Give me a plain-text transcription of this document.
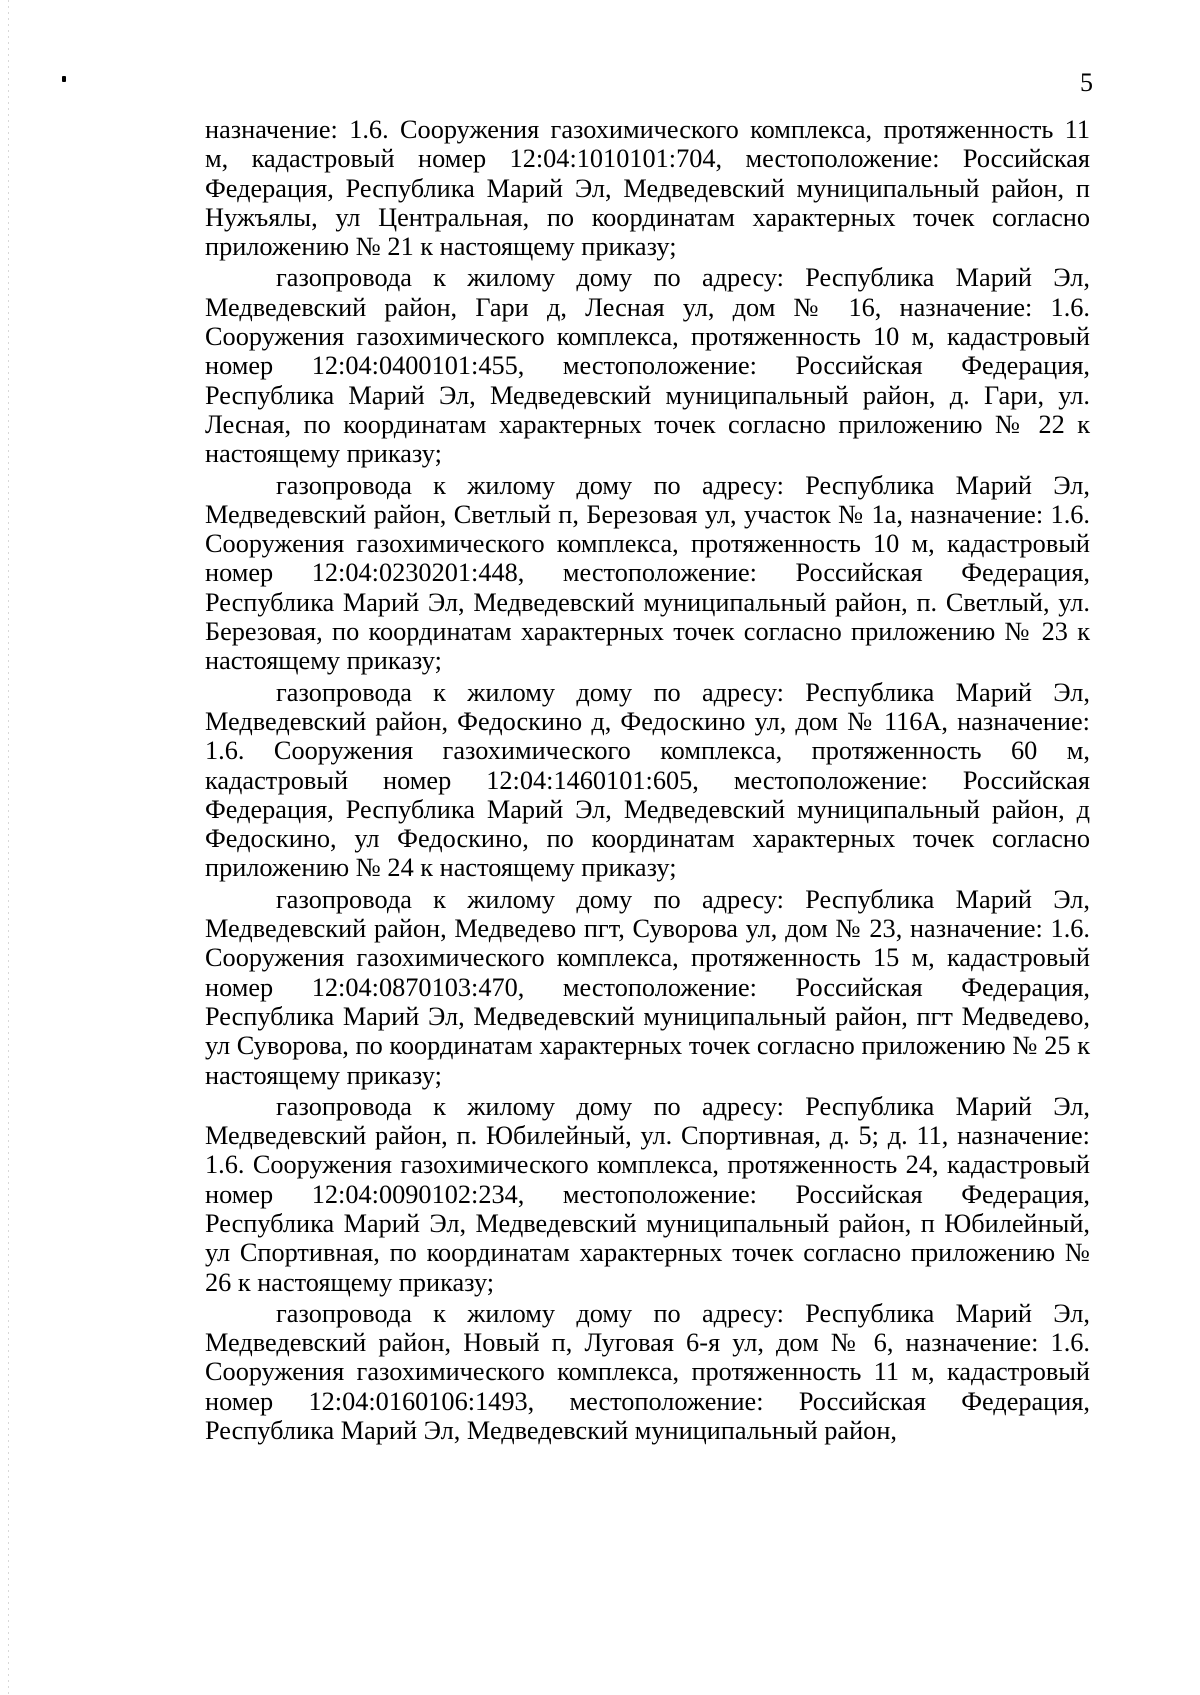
5

назначение: 1.6. Сооружения газохимического комплекса, протяженность 11 м, кадастровый номер 12:04:1010101:704, местоположение: Российская Федерация, Республика Марий Эл, Медведевский муниципальный район, п Нужъялы, ул Центральная, по координатам характерных точек согласно приложению № 21 к настоящему приказу;

газопровода к жилому дому по адресу: Республика Марий Эл, Медведевский район, Гари д, Лесная ул, дом № 16, назначение: 1.6. Сооружения газохимического комплекса, протяженность 10 м, кадастровый номер 12:04:0400101:455, местоположение: Российская Федерация, Республика Марий Эл, Медведевский муниципальный район, д. Гари, ул. Лесная, по координатам характерных точек согласно приложению № 22 к настоящему приказу;

газопровода к жилому дому по адресу: Республика Марий Эл, Медведевский район, Светлый п, Березовая ул, участок № 1а, назначение: 1.6. Сооружения газохимического комплекса, протяженность 10 м, кадастровый номер 12:04:0230201:448, местоположение: Российская Федерация, Республика Марий Эл, Медведевский муниципальный район, п. Светлый, ул. Березовая, по координатам характерных точек согласно приложению № 23 к настоящему приказу;

газопровода к жилому дому по адресу: Республика Марий Эл, Медведевский район, Федоскино д, Федоскино ул, дом № 116А, назначение: 1.6. Сооружения газохимического комплекса, протяженность 60 м, кадастровый номер 12:04:1460101:605, местоположение: Российская Федерация, Республика Марий Эл, Медведевский муниципальный район, д Федоскино, ул Федоскино, по координатам характерных точек согласно приложению № 24 к настоящему приказу;

газопровода к жилому дому по адресу: Республика Марий Эл, Медведевский район, Медведево пгт, Суворова ул, дом № 23, назначение: 1.6. Сооружения газохимического комплекса, протяженность 15 м, кадастровый номер 12:04:0870103:470, местоположение: Российская Федерация, Республика Марий Эл, Медведевский муниципальный район, пгт Медведево, ул Суворова, по координатам характерных точек согласно приложению № 25 к настоящему приказу;

газопровода к жилому дому по адресу: Республика Марий Эл, Медведевский район, п. Юбилейный, ул. Спортивная, д. 5; д. 11, назначение: 1.6. Сооружения газохимического комплекса, протяженность 24, кадастровый номер 12:04:0090102:234, местоположение: Российская Федерация, Республика Марий Эл, Медведевский муниципальный район, п Юбилейный, ул Спортивная, по координатам характерных точек согласно приложению № 26 к настоящему приказу;

газопровода к жилому дому по адресу: Республика Марий Эл, Медведевский район, Новый п, Луговая 6-я ул, дом № 6, назначение: 1.6. Сооружения газохимического комплекса, протяженность 11 м, кадастровый номер 12:04:0160106:1493, местоположение: Российская Федерация, Республика Марий Эл, Медведевский муниципальный район,
